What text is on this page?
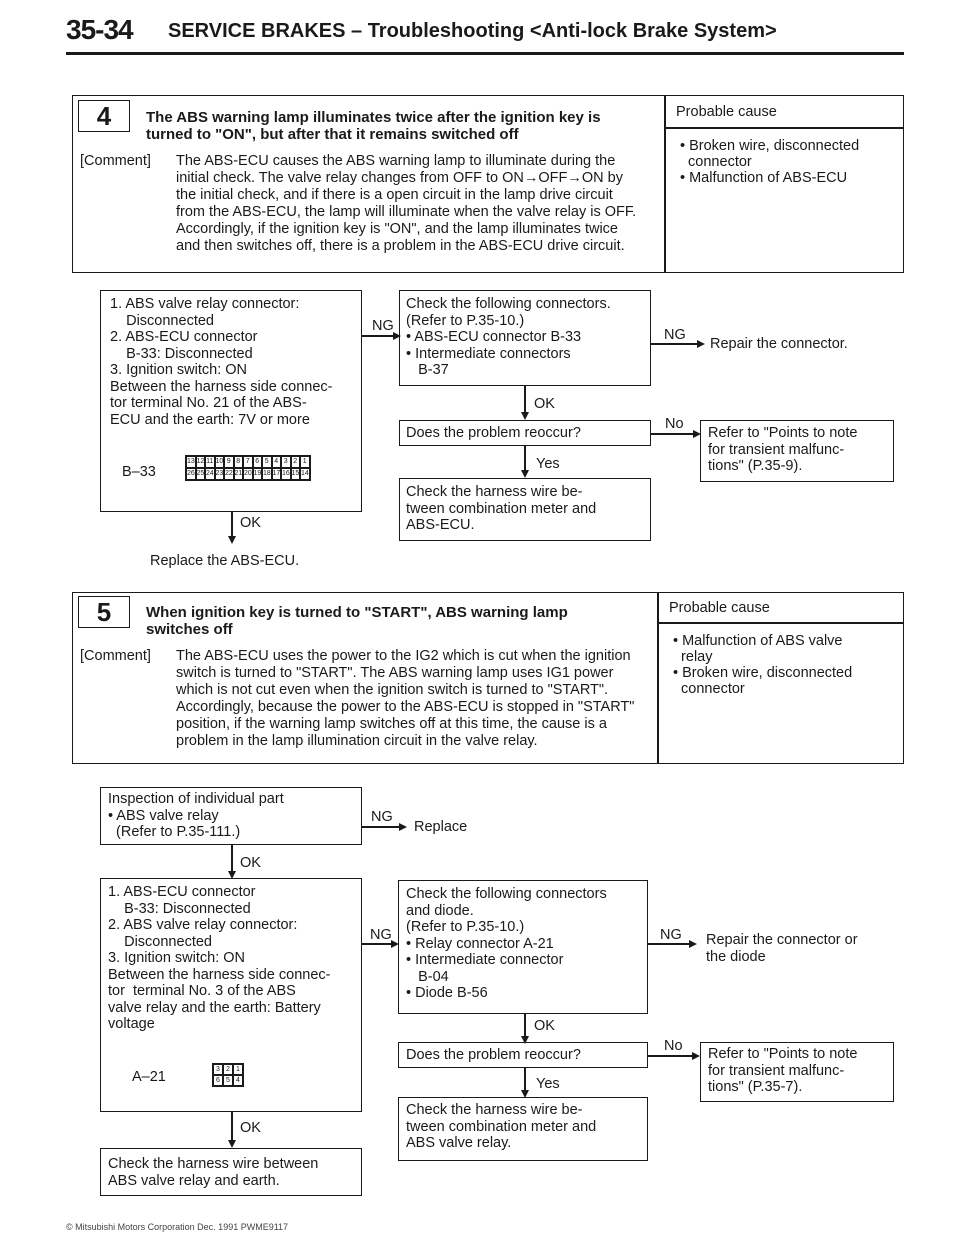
35-34 SERVICE BRAKES – Troubleshooting <Anti-lock Brake System>
4	The ABS warning lamp illuminates twice after the ignition key is
turned to "ON", but after that it remains switched off
[Comment] The ABS-ECU causes the ABS warning lamp to illuminate during the
initial check. The valve relay changes from OFF to ON→OFF→ON by
the initial check, and if there is a open circuit in the lamp drive circuit
from the ABS-ECU, the lamp will illuminate when the valve relay is OFF.
Accordingly, if the ignition key is "ON", and the lamp illuminates twice
and then switches off, there is a problem in the ABS-ECU drive circuit.
Probable cause
• Broken wire, disconnected
connector
• Malfunction of ABS-ECU
1. ABS valve relay connector:
Disconnected
2. ABS-ECU connector
B-33: Disconnected
3. Ignition switch: ON
Between the harness side connec-
tor terminal No. 21 of the ABS-
ECU and the earth: 7V or more
B–33
13 12 11 10 9 8 7 6 5 4 3 2 1
26 25 24 23 22 21 20 19 18 17 16 15 14
OK
Replace the ABS-ECU.
NG
Check the following connectors.
(Refer to P.35-10.)
• ABS-ECU connector B-33
• Intermediate connectors
B-37
NG
Repair the connector.
OK
Does the problem reoccur?
No
Refer to "Points to note
for transient malfunc-
tions" (P.35-9).
Yes
Check the harness wire be-
tween combination meter and
ABS-ECU.
5	When ignition key is turned to "START", ABS warning lamp
switches off
[Comment] The ABS-ECU uses the power to the IG2 which is cut when the ignition
switch is turned to "START". The ABS warning lamp uses IG1 power
which is not cut even when the ignition switch is turned to "START".
Accordingly, because the power to the ABS-ECU is stopped in "START"
position, if the warning lamp switches off at this time, the cause is a
problem in the lamp illumination circuit in the valve relay.
Probable cause
• Malfunction of ABS valve
relay
• Broken wire, disconnected
connector
Inspection of individual part
• ABS valve relay
(Refer to P.35-111.)
NG
Replace
OK
1. ABS-ECU connector
B-33: Disconnected
2. ABS valve relay connector:
Disconnected
3. Ignition switch: ON
Between the harness side connec-
tor  terminal No. 3 of the ABS
valve relay and the earth: Battery
voltage
A–21	3 2 1
6 5 4
OK
Check the harness wire between
ABS valve relay and earth.
NG
Check the following connectors
and diode.
(Refer to P.35-10.)
• Relay connector A-21
• Intermediate connector
B-04
• Diode B-56
NG Repair the connector or
the diode
OK
Does the problem reoccur?
No Refer to "Points to note
for transient malfunc-
tions" (P.35-7).
Yes
Check the harness wire be-
tween combination meter and
ABS valve relay.
© Mitsubishi Motors Corporation Dec. 1991 PWME9117
